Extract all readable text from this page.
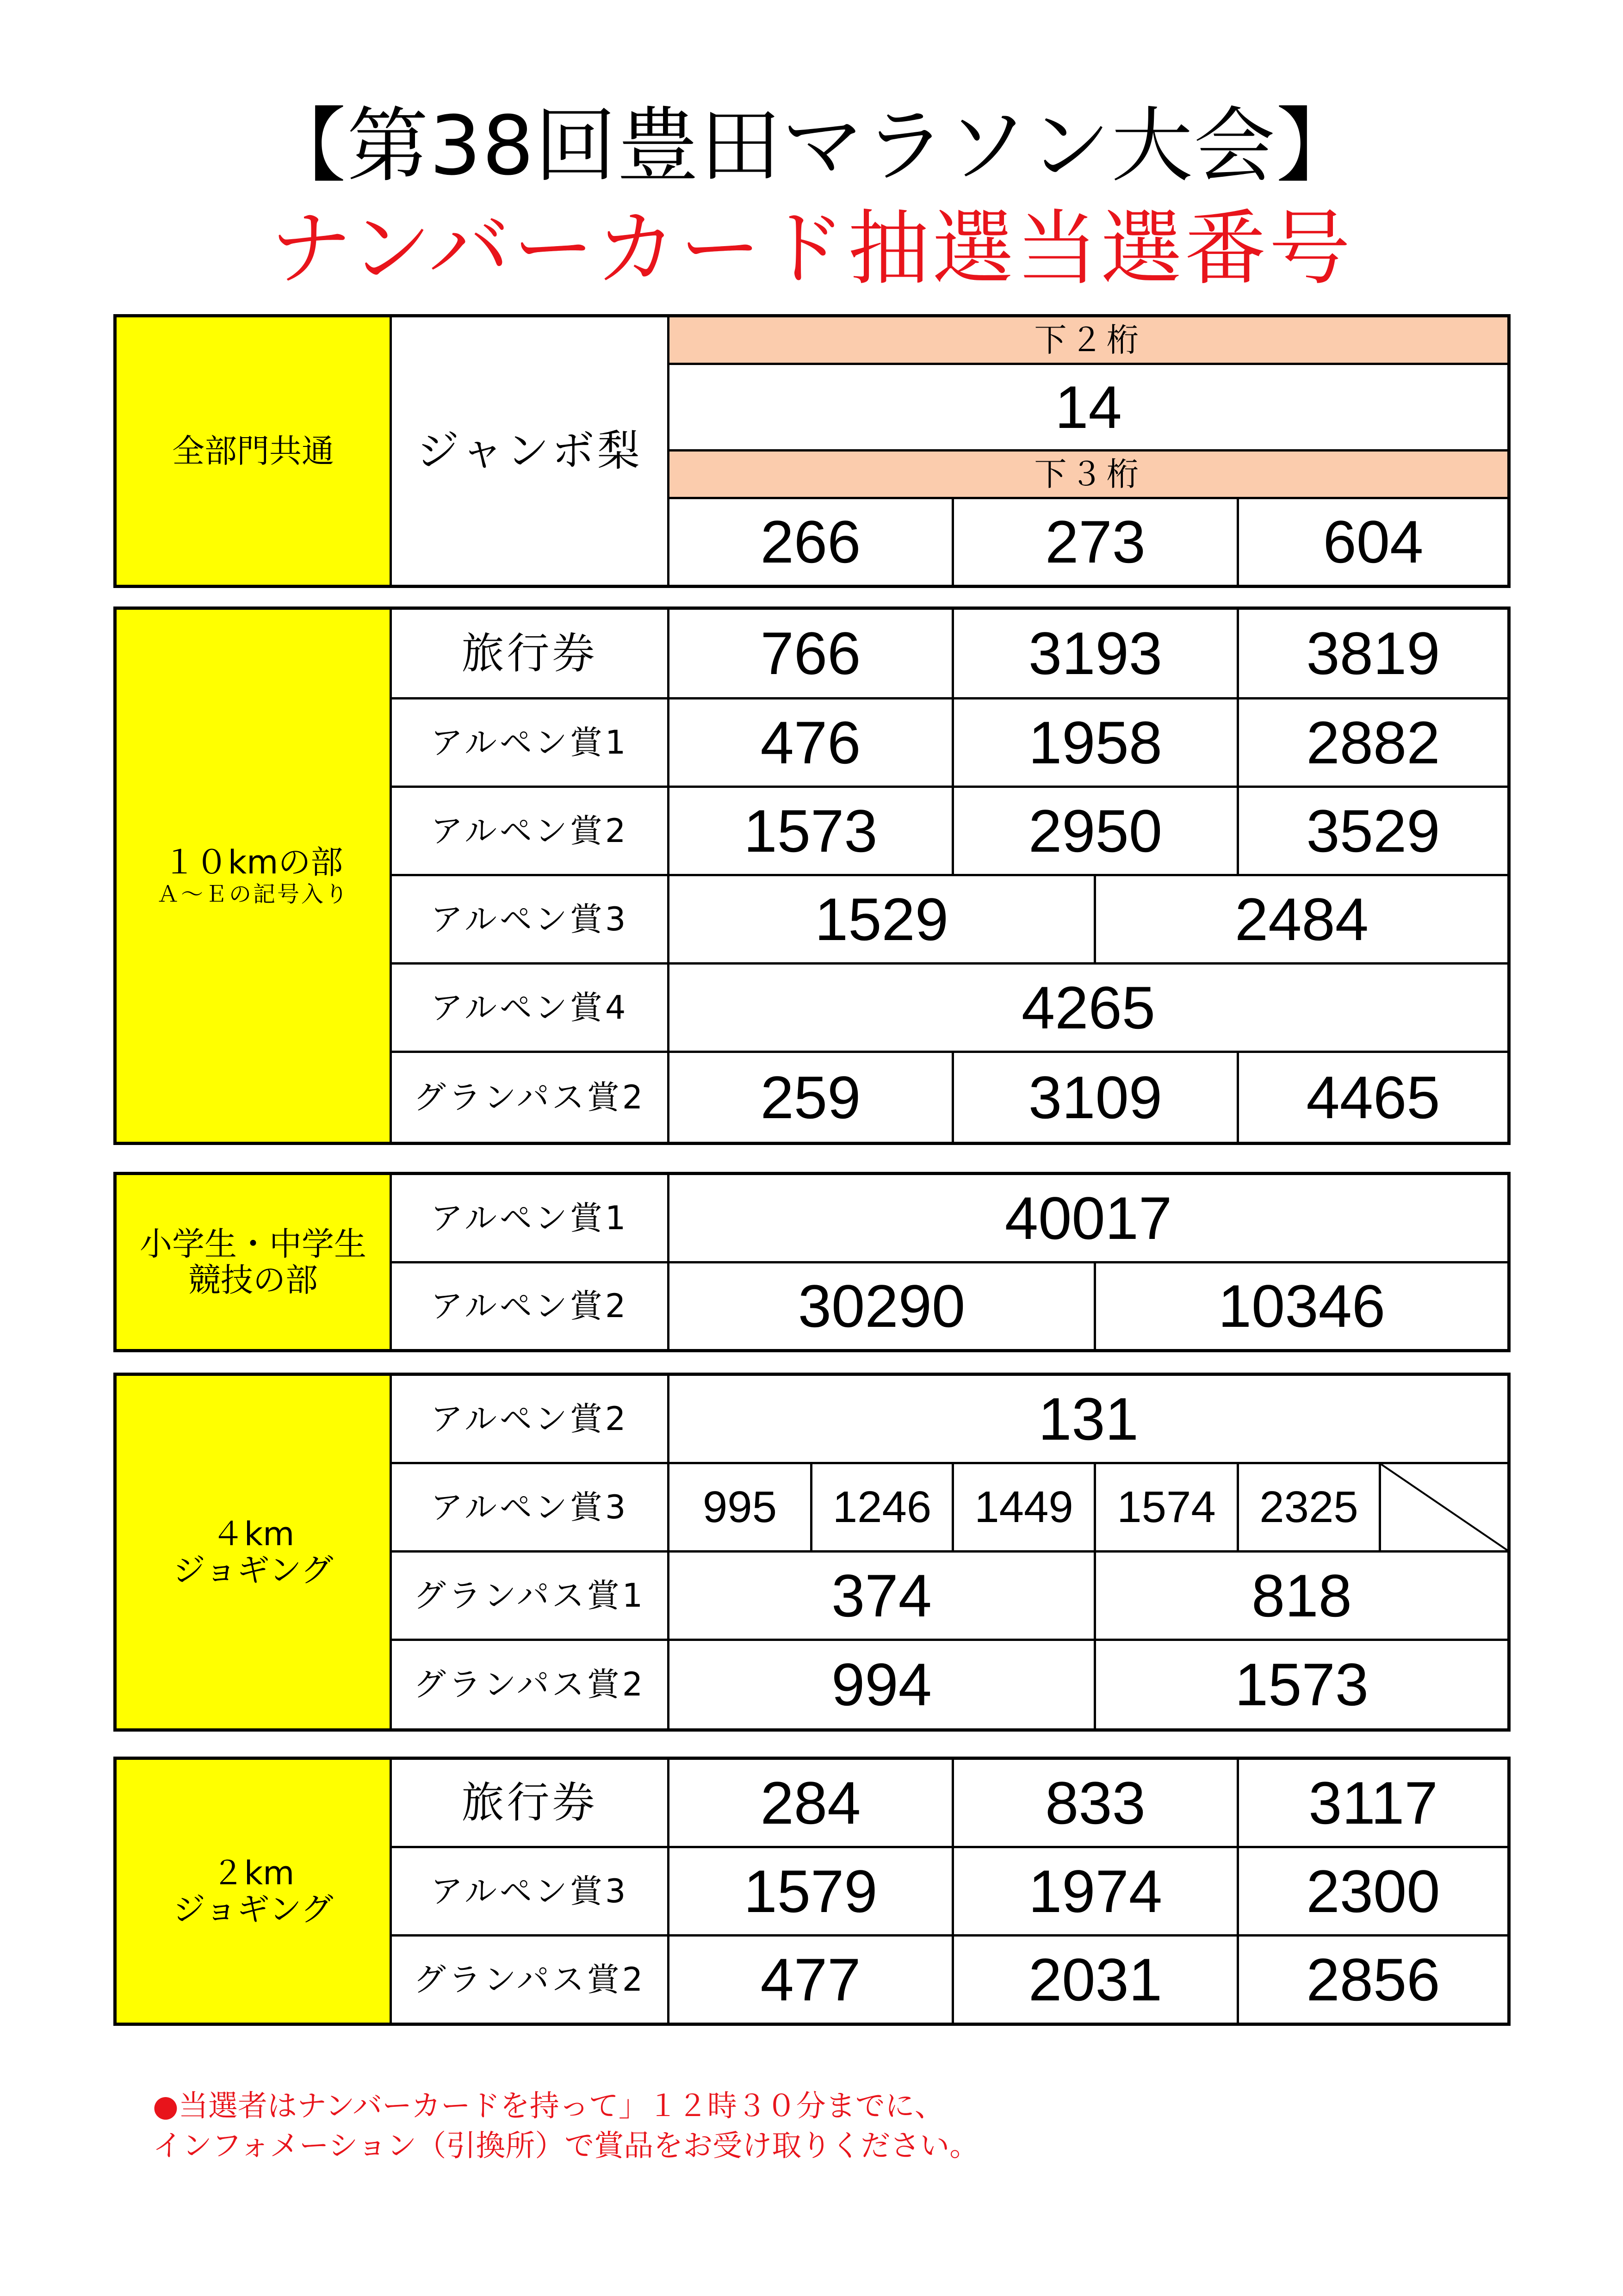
【第38回豊田マラソン大会】
ナンバーカード抽選当選番号
全部門共通	ジャンボ梨
下２桁
14
下３桁
266	273	604
１０kmの部
Ａ～Ｅの記号入り
旅行券	766	3193	3819
アルペン賞1	476	1958	2882
アルペン賞2	1573	2950	3529
アルペン賞3	1529	2484
アルペン賞4	4265
グランパス賞2	259	3109	4465
小学生・中学生
競技の部
アルペン賞1	40017
アルペン賞2	30290	10346
４km
ジョギング
アルペン賞2	131
アルペン賞3	995	1246 1449 1574 2325
グランパス賞1	374	818
グランパス賞2	994	1573
２km
ジョギング
旅行券	284	833	3117
アルペン賞3	1579	1974	2300
グランパス賞2	477	2031	2856
●当選者はナンバーカードを持って」１２時３０分までに、
インフォメーション（引換所）で賞品をお受け取りください。
